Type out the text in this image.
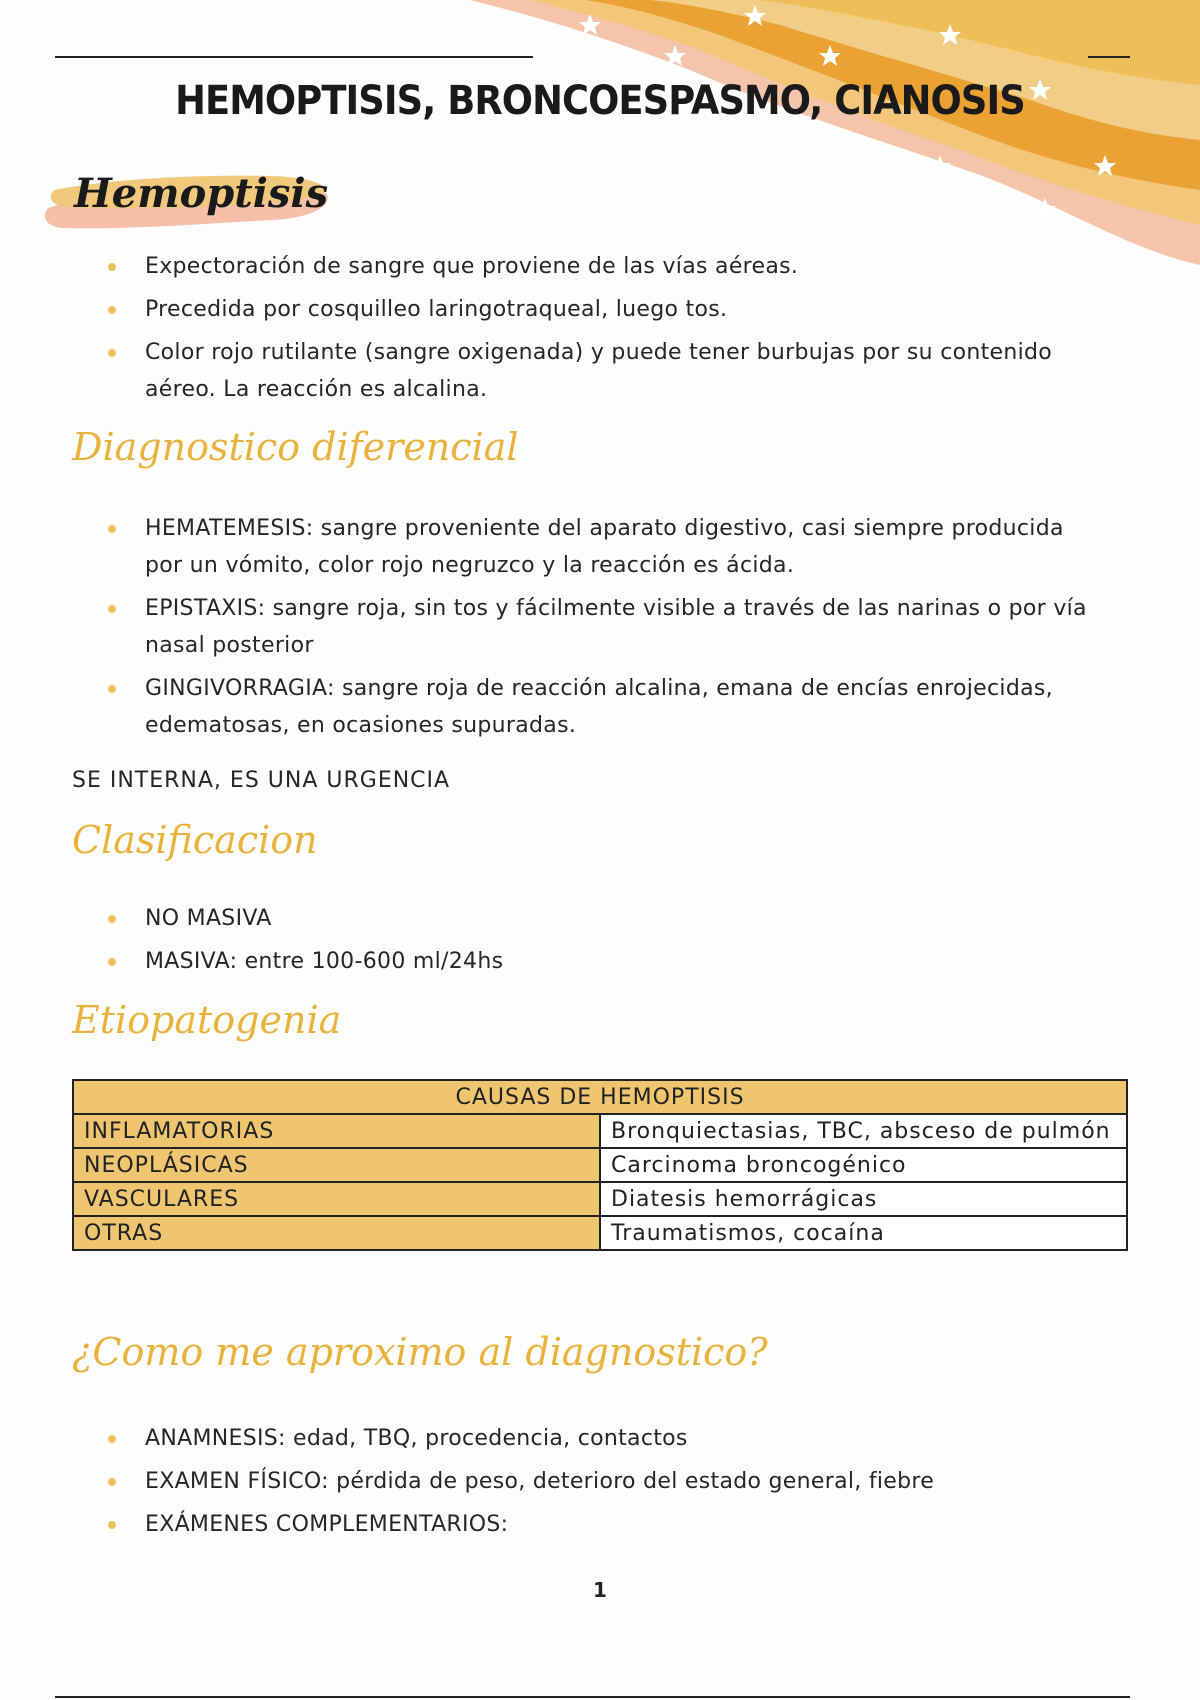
HEMOPTISIS, BRONCOESPASMO, CIANOSIS
Hemoptisis
Expectoración de sangre que proviene de las vías aéreas.
Precedida por cosquilleo laringotraqueal, luego tos.
Color rojo rutilante (sangre oxigenada) y puede tener burbujas por su contenido aéreo. La reacción es alcalina.
Diagnostico diferencial
HEMATEMESIS: sangre proveniente del aparato digestivo, casi siempre producida por un vómito, color rojo negruzco y la reacción es ácida.
EPISTAXIS: sangre roja, sin tos y fácilmente visible a través de las narinas o por vía nasal posterior
GINGIVORRAGIA: sangre roja de reacción alcalina, emana de encías enrojecidas, edematosas, en ocasiones supuradas.
SE INTERNA, ES UNA URGENCIA
Clasificacion
NO MASIVA
MASIVA: entre 100-600 ml/24hs
Etiopatogenia
CAUSAS DE HEMOPTISIS	
INFLAMATORIAS	Bronquiectasias, TBC, absceso de pulmón
NEOPLÁSICAS	Carcinoma broncogénico
VASCULARES	Diatesis hemorrágicas
OTRAS	Traumatismos, cocaína
¿Como me aproximo al diagnostico?
ANAMNESIS: edad, TBQ, procedencia, contactos
EXAMEN FÍSICO: pérdida de peso, deterioro del estado general, fiebre
EXÁMENES COMPLEMENTARIOS:
1
